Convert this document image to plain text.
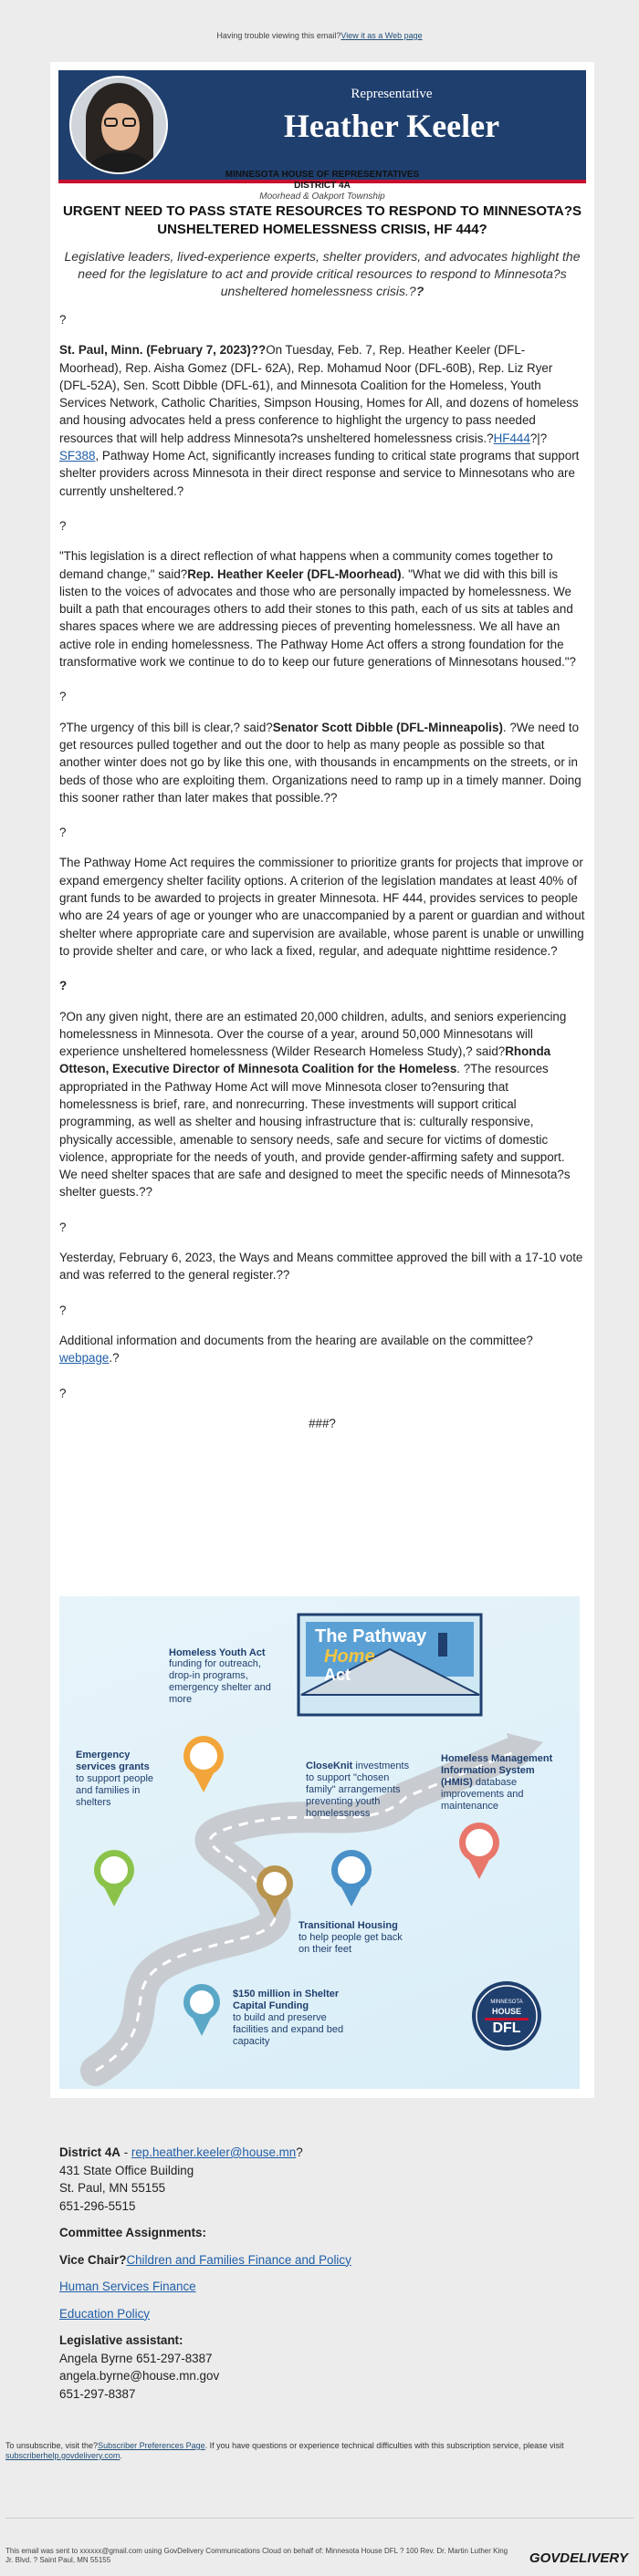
Having trouble viewing this email?View it as a Web page
Representative
Heather Keeler
MINNESOTA HOUSE OF REPRESENTATIVES
DISTRICT 4A
Moorhead & Oakport Township

URGENT NEED TO PASS STATE RESOURCES TO RESPOND TO MINNESOTA?S UNSHELTERED HOMELESSNESS CRISIS, HF 444?

Legislative leaders, lived-experience experts, shelter providers, and advocates highlight the need for the legislature to act and provide critical resources to respond to Minnesota?s unsheltered homelessness crisis.??

?

St. Paul, Minn. (February 7, 2023)??On Tuesday, Feb. 7, Rep. Heather Keeler (DFL- Moorhead), Rep. Aisha Gomez (DFL- 62A), Rep. Mohamud Noor (DFL-60B), Rep. Liz Ryer (DFL-52A), Sen. Scott Dibble (DFL-61), and Minnesota Coalition for the Homeless, Youth Services Network, Catholic Charities, Simpson Housing, Homes for All, and dozens of homeless and housing advocates held a press conference to highlight the urgency to pass needed resources that will help address Minnesota?s unsheltered homelessness crisis.?HF444?|?SF388, Pathway Home Act, significantly increases funding to critical state programs that support shelter providers across Minnesota in their direct response and service to Minnesotans who are currently unsheltered.?

?

"This legislation is a direct reflection of what happens when a community comes together to demand change," said?Rep. Heather Keeler (DFL-Moorhead). "What we did with this bill is listen to the voices of advocates and those who are personally impacted by homelessness. We built a path that encourages others to add their stones to this path, each of us sits at tables and shares spaces where we are addressing pieces of preventing homelessness. We all have an active role in ending homelessness. The Pathway Home Act offers a strong foundation for the transformative work we continue to do to keep our future generations of Minnesotans housed."?

?

?The urgency of this bill is clear,? said?Senator Scott Dibble (DFL-Minneapolis). ?We need to get resources pulled together and out the door to help as many people as possible so that another winter does not go by like this one, with thousands in encampments on the streets, or in beds of those who are exploiting them. Organizations need to ramp up in a timely manner. Doing this sooner rather than later makes that possible.??

?

The Pathway Home Act requires the commissioner to prioritize grants for projects that improve or expand emergency shelter facility options. A criterion of the legislation mandates at least 40% of grant funds to be awarded to projects in greater Minnesota. HF 444, provides services to people who are 24 years of age or younger who are unaccompanied by a parent or guardian and without shelter where appropriate care and supervision are available, whose parent is unable or unwilling to provide shelter and care, or who lack a fixed, regular, and adequate nighttime residence.?

?

?On any given night, there are an estimated 20,000 children, adults, and seniors experiencing homelessness in Minnesota. Over the course of a year, around 50,000 Minnesotans will experience unsheltered homelessness (Wilder Research Homeless Study),? said?Rhonda Otteson, Executive Director of Minnesota Coalition for the Homeless. ?The resources appropriated in the Pathway Home Act will move Minnesota closer to?ensuring that homelessness is brief, rare, and nonrecurring. These investments will support critical programming, as well as shelter and housing infrastructure that is: culturally responsive, physically accessible, amenable to sensory needs, safe and secure for victims of domestic violence, appropriate for the needs of youth, and provide gender-affirming safety and support. We need shelter spaces that are safe and designed to meet the specific needs of Minnesota?s shelter guests.??

?

Yesterday, February 6, 2023, the Ways and Means committee approved the bill with a 17-10 vote and was referred to the general register.??

?

Additional information and documents from the hearing are available on the committee?webpage.?

?

###?

The Pathway
Home
Act
Homeless Youth Act
funding for outreach, drop-in programs, emergency shelter and more
Emergency services grants
to support people and families in shelters
CloseKnit investments to support "chosen family" arrangements preventing youth homelessness
Homeless Management Information System (HMIS) database improvements and maintenance
Transitional Housing to help people get back on their feet
$150 million in Shelter Capital Funding
to build and preserve facilities and expand bed capacity
MINNESOTA
HOUSE
DFL
District 4A - rep.heather.keeler@house.mn?
431 State Office Building
St. Paul, MN 55155
651-296-5515
Committee Assignments:
Vice Chair?Children and Families Finance and Policy
Human Services Finance
Education Policy
Legislative assistant:
Angela Byrne 651-297-8387
angela.byrne@house.mn.gov
651-297-8387
To unsubscribe, visit the?Subscriber Preferences Page. If you have questions or experience technical difficulties with this subscription service, please visit subscriberhelp.govdelivery.com.
This email was sent to xxxxxx@gmail.com using GovDelivery Communications Cloud on behalf of: Minnesota House DFL ? 100 Rev. Dr. Martin Luther King Jr. Blvd. ? Saint Paul, MN 55155	GOVDELIVERY
